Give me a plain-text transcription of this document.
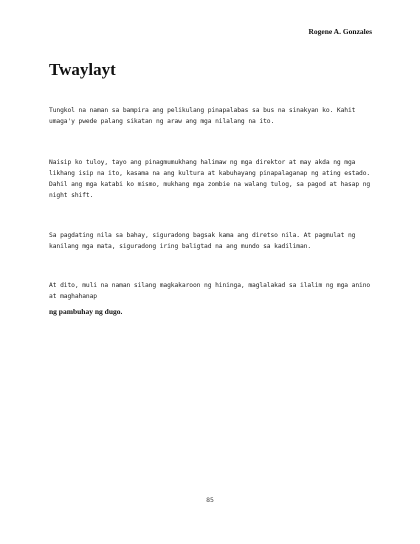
Rogene A. Gonzales
Twaylayt

Tungkol na naman sa bampira ang pelikulang pinapalabas sa bus na sinakyan ko. Kahit umaga'y pwede palang sikatan ng araw ang mga nilalang na ito.

Naisip ko tuloy, tayo ang pinagmumukhang halimaw ng mga direktor at may akda ng mga likhang isip na ito, kasama na ang kultura at kabuhayang pinapalaganap ng ating estado. Dahil ang mga katabi ko mismo, mukhang mga zombie na walang tulog, sa pagod at hasap ng night shift.

Sa pagdating nila sa bahay, siguradong bagsak kama ang diretso nila. At pagmulat ng kanilang mga mata, siguradong iring baligtad na ang mundo sa kadiliman.

At dito, muli na naman silang magkakaroon ng hininga, maglalakad sa ilalim ng mga anino at maghahanap

ng pambuhay ng dugo.

85
